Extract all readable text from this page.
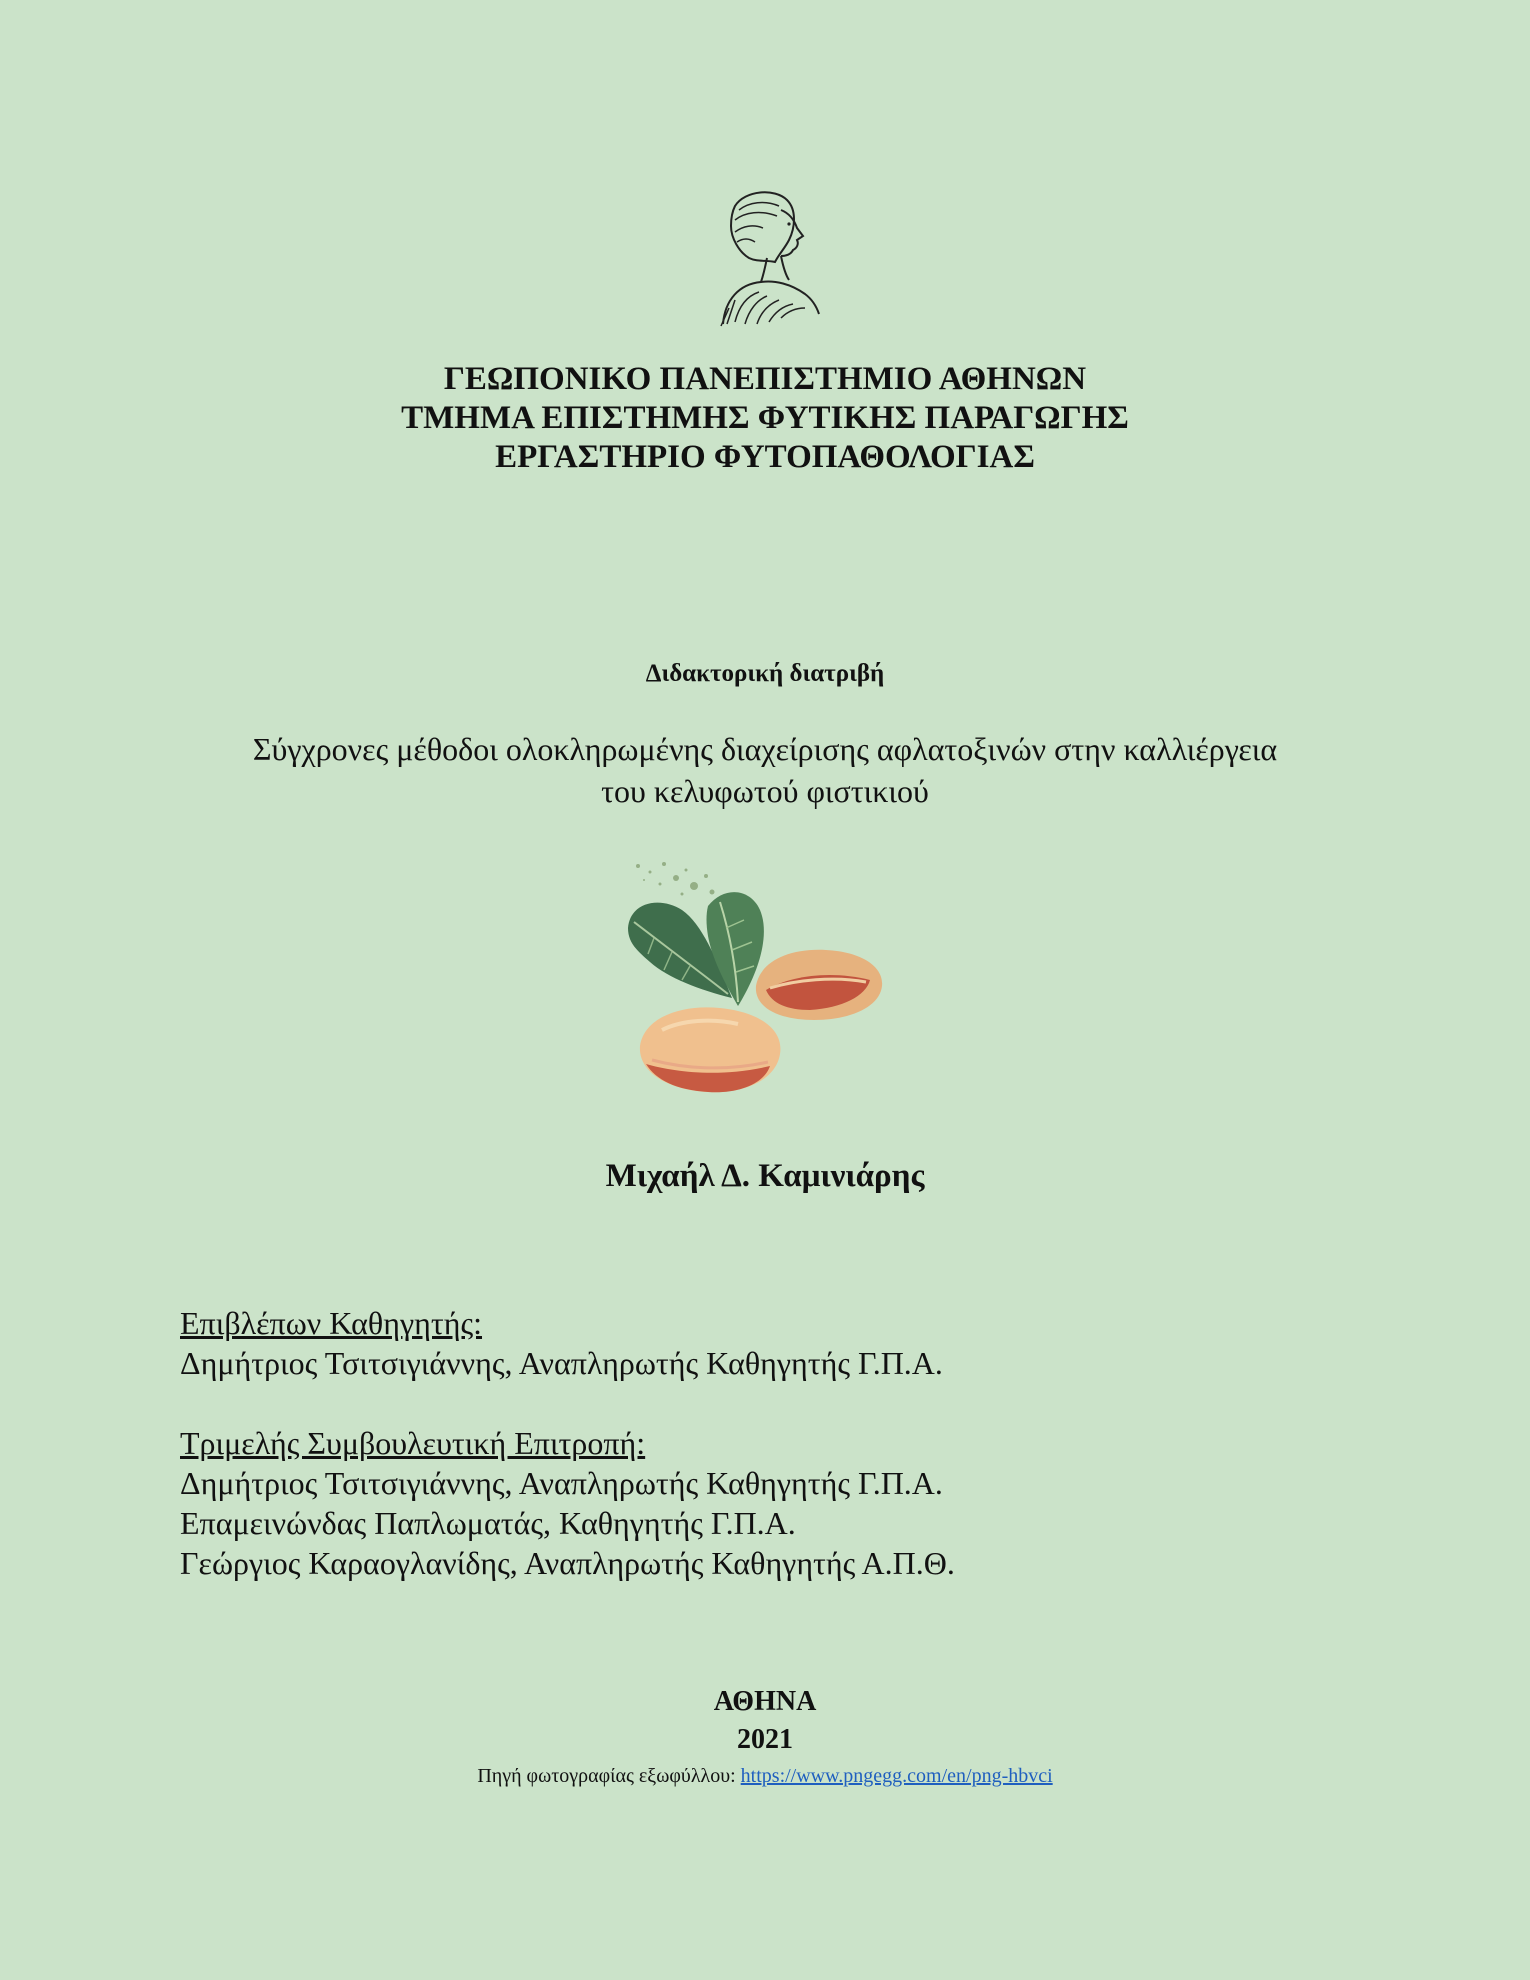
ΓΕΩΠΟΝΙΚΟ ΠΑΝΕΠΙΣΤΗΜΙΟ ΑΘΗΝΩΝ
ΤΜΗΜΑ ΕΠΙΣΤΗΜΗΣ ΦΥΤΙΚΗΣ ΠΑΡΑΓΩΓΗΣ
ΕΡΓΑΣΤΗΡΙΟ ΦΥΤΟΠΑΘΟΛΟΓΙΑΣ
Διδακτορική διατριβή
Σύγχρονες μέθοδοι ολοκληρωμένης διαχείρισης αφλατοξινών στην καλλιέργεια
του κελυφωτού φιστικιού
Μιχαήλ Δ. Καμινιάρης
Επιβλέπων Καθηγητής:
Δημήτριος Τσιτσιγιάννης, Αναπληρωτής Καθηγητής Γ.Π.Α.
Τριμελής Συμβουλευτική Επιτροπή:
Δημήτριος Τσιτσιγιάννης, Αναπληρωτής Καθηγητής Γ.Π.Α.
Επαμεινώνδας Παπλωματάς, Καθηγητής Γ.Π.Α.
Γεώργιος Καραογλανίδης, Αναπληρωτής Καθηγητής Α.Π.Θ.
ΑΘΗΝΑ
2021
Πηγή φωτογραφίας εξωφύλλου: https://www.pngegg.com/en/png-hbvci
